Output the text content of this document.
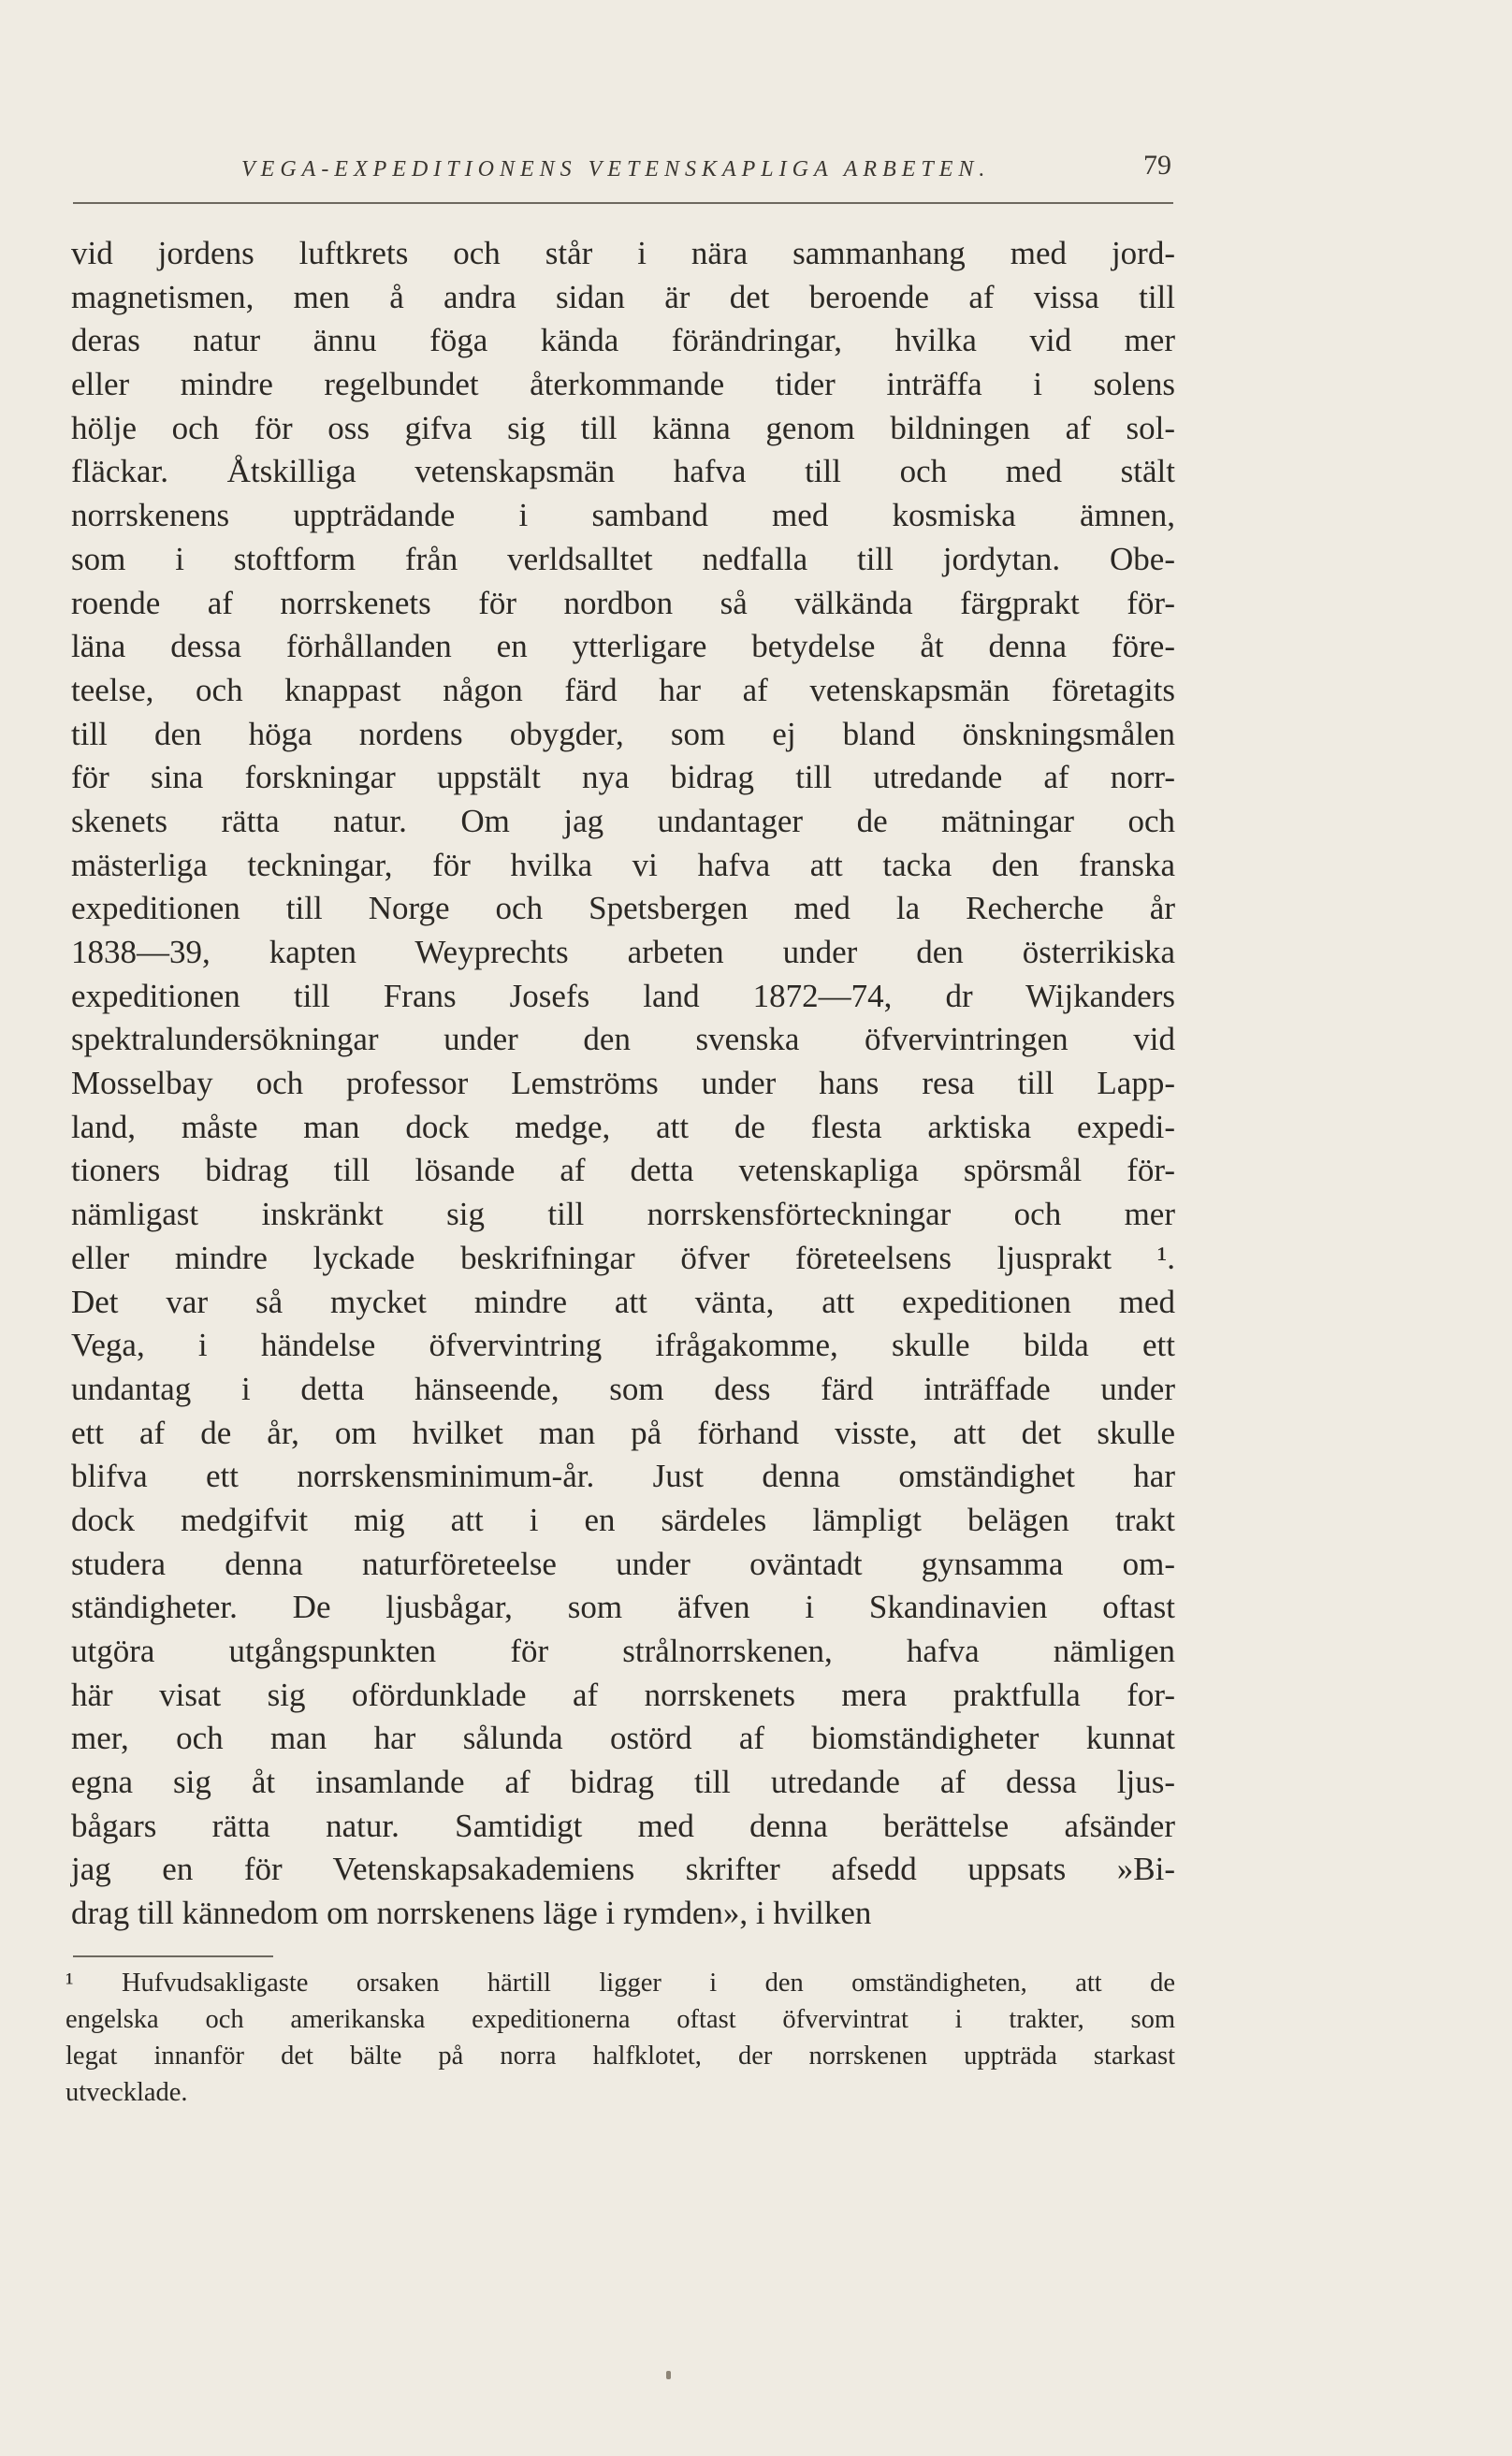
VEGA-EXPEDITIONENS VETENSKAPLIGA ARBETEN.	79
vid jordens luftkrets och står i nära sammanhang med jord-
magnetismen, men å andra sidan är det beroende af vissa till
deras natur ännu föga kända förändringar, hvilka vid mer
eller mindre regelbundet återkommande tider inträffa i solens
hölje och för oss gifva sig till känna genom bildningen af sol-
fläckar. Åtskilliga vetenskapsmän hafva till och med stält
norrskenens uppträdande i samband med kosmiska ämnen,
som i stoftform från verldsalltet nedfalla till jordytan. Obe-
roende af norrskenets för nordbon så välkända färgprakt för-
läna dessa förhållanden en ytterligare betydelse åt denna före-
teelse, och knappast någon färd har af vetenskapsmän företagits
till den höga nordens obygder, som ej bland önskningsmålen
för sina forskningar uppstält nya bidrag till utredande af norr-
skenets rätta natur. Om jag undantager de mätningar och
mästerliga teckningar, för hvilka vi hafva att tacka den franska
expeditionen till Norge och Spetsbergen med la Recherche år
1838—39, kapten Weyprechts arbeten under den österrikiska
expeditionen till Frans Josefs land 1872—74, dr Wijkanders
spektralundersökningar under den svenska öfvervintringen vid
Mosselbay och professor Lemströms under hans resa till Lapp-
land, måste man dock medge, att de flesta arktiska expedi-
tioners bidrag till lösande af detta vetenskapliga spörsmål för-
nämligast inskränkt sig till norrskensförteckningar och mer
eller mindre lyckade beskrifningar öfver företeelsens ljusprakt ¹.
Det var så mycket mindre att vänta, att expeditionen med
Vega, i händelse öfvervintring ifrågakomme, skulle bilda ett
undantag i detta hänseende, som dess färd inträffade under
ett af de år, om hvilket man på förhand visste, att det skulle
blifva ett norrskensminimum-år. Just denna omständighet har
dock medgifvit mig att i en särdeles lämpligt belägen trakt
studera denna naturföreteelse under oväntadt gynsamma om-
ständigheter. De ljusbågar, som äfven i Skandinavien oftast
utgöra utgångspunkten för strålnorrskenen, hafva nämligen
här visat sig ofördunklade af norrskenets mera praktfulla for-
mer, och man har sålunda ostörd af biomständigheter kunnat
egna sig åt insamlande af bidrag till utredande af dessa ljus-
bågars rätta natur. Samtidigt med denna berättelse afsänder
jag en för Vetenskapsakademiens skrifter afsedd uppsats »Bi-
drag till kännedom om norrskenens läge i rymden», i hvilken
¹ Hufvudsakligaste orsaken härtill ligger i den omständigheten, att de
engelska och amerikanska expeditionerna oftast öfvervintrat i trakter, som
legat innanför det bälte på norra halfklotet, der norrskenen uppträda starkast
utvecklade.
